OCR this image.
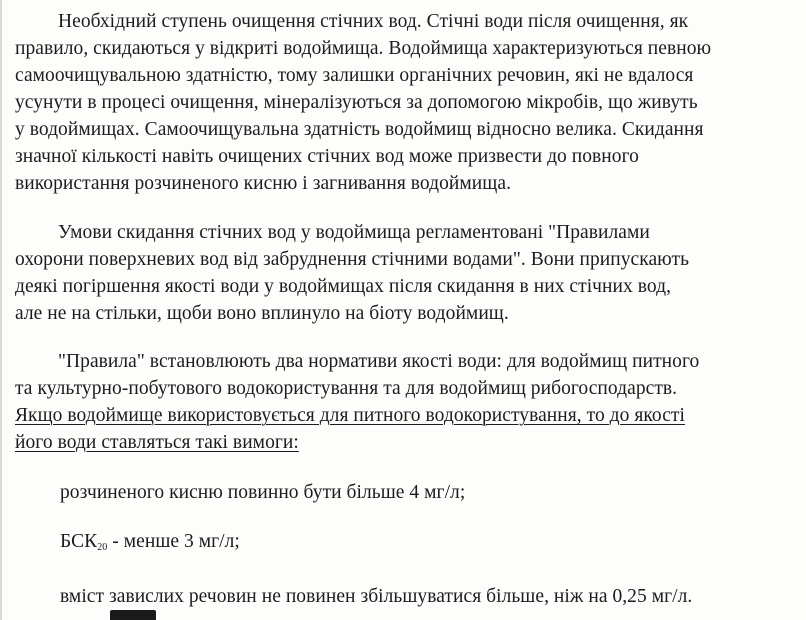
Необхідний ступень очищення стічних вод. Стічні води після очищення, як
правило, скидаються у відкриті водоймища. Водоймища характеризуються певною
самоочищувальною здатністю, тому залишки органічних речовин, які не вдалося
усунути в процесі очищення, мінералізуються за допомогою мікробів, що живуть
у водоймищах. Самоочищувальна здатність водоймищ відносно велика. Скидання
значної кількості навіть очищених стічних вод може призвести до повного
використання розчиненого кисню і загнивання водоймища.
Умови скидання стічних вод у водоймища регламентовані "Правилами
охорони поверхневих вод від забруднення стічними водами". Вони припускають
деякі погіршення якості води у водоймищах після скидання в них стічних вод,
але не на стільки, щоби воно вплинуло на біоту водоймищ.
"Правила" встановлюють два нормативи якості води: для водоймищ питного
та культурно-побутового водокористування та для водоймищ рибогосподарств.
Якщо водоймище використовується для питного водокористування, то до якості
його води ставляться такі вимоги:
розчиненого кисню повинно бути більше 4 мг/л;
$БСК_{20}$ - менше 3 мг/л;
вміст завислих речовин не повинен збільшуватися більше, ніж на 0,25 мг/л.
